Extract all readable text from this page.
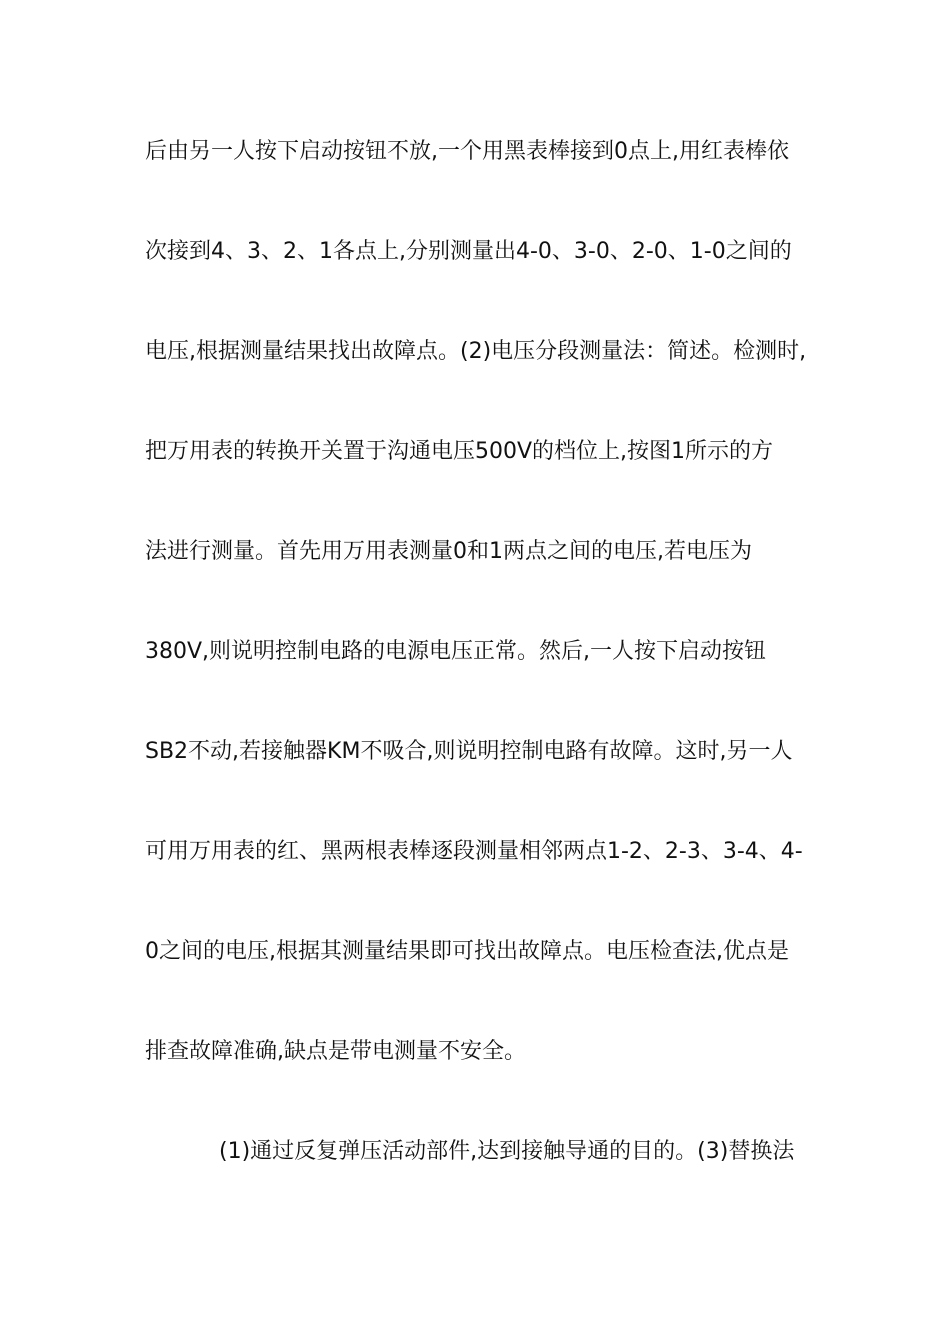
后由另一人按下启动按钮不放,一个用黑表棒接到0点上,用红表棒依
次接到4、3、2、1各点上,分别测量出4-0、3-0、2-0、1-0之间的
电压,根据测量结果找出故障点。(2)电压分段测量法：简述。检测时,
把万用表的转换开关置于沟通电压500V的档位上,按图1所示的方
法进行测量。首先用万用表测量0和1两点之间的电压,若电压为
380V,则说明控制电路的电源电压正常。然后,一人按下启动按钮
SB2不动,若接触器KM不吸合,则说明控制电路有故障。这时,另一人
可用万用表的红、黑两根表棒逐段测量相邻两点1-2、2-3、3-4、4-
0之间的电压,根据其测量结果即可找出故障点。电压检查法,优点是
排查故障准确,缺点是带电测量不安全。
(1)通过反复弹压活动部件,达到接触导通的目的。(3)替换法
